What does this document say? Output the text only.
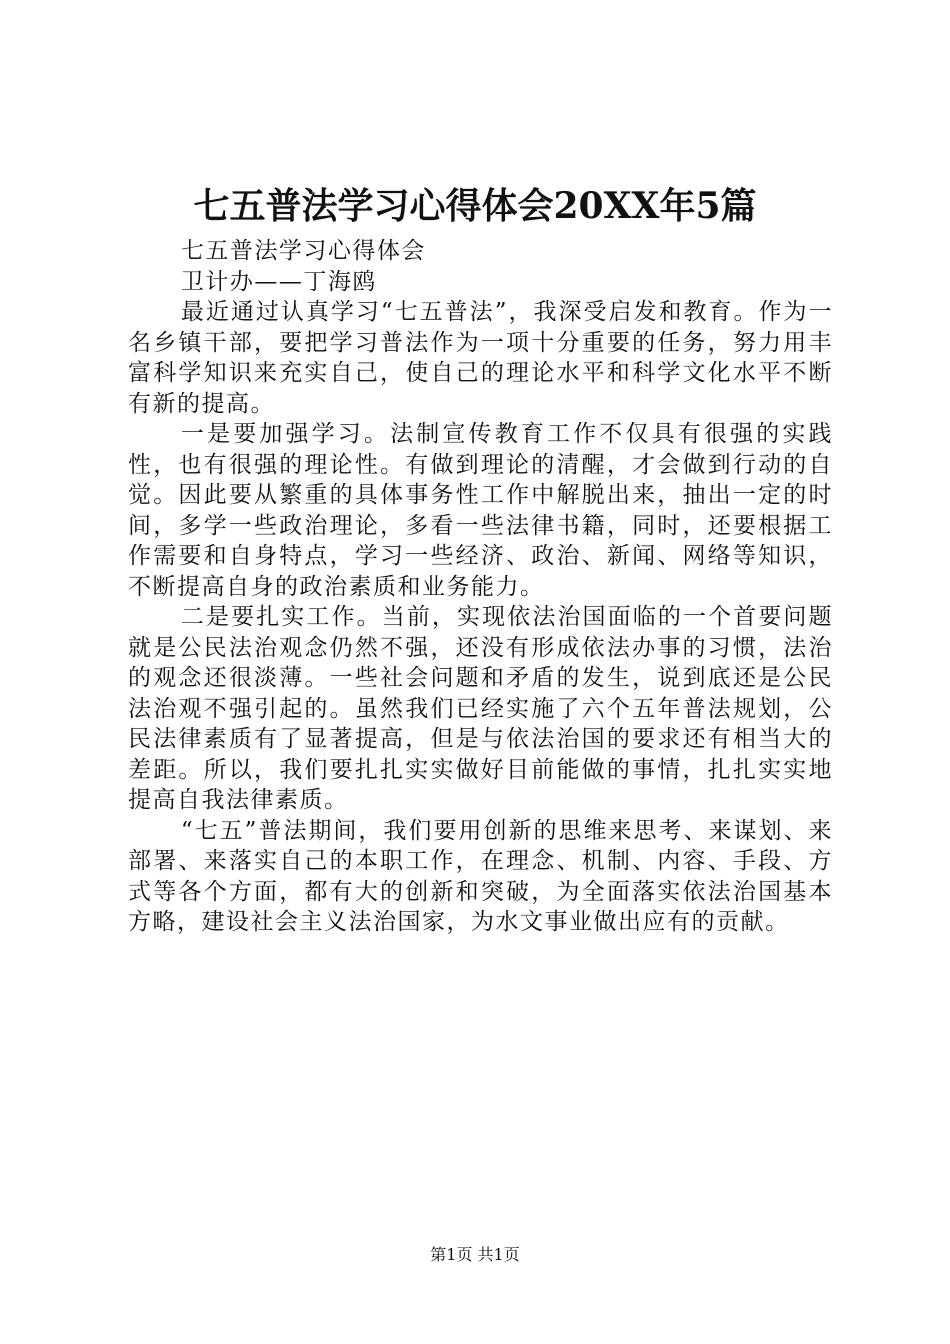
七五普法学习心得体会20XX年5篇

七五普法学习心得体会

卫计办——丁海鸥

最近通过认真学习“七五普法”，我深受启发和教育。作为一名乡镇干部，要把学习普法作为一项十分重要的任务，努力用丰富科学知识来充实自己，使自己的理论水平和科学文化水平不断有新的提高。

一是要加强学习。法制宣传教育工作不仅具有很强的实践性，也有很强的理论性。有做到理论的清醒，才会做到行动的自觉。因此要从繁重的具体事务性工作中解脱出来，抽出一定的时间，多学一些政治理论，多看一些法律书籍，同时，还要根据工作需要和自身特点，学习一些经济、政治、新闻、网络等知识，不断提高自身的政治素质和业务能力。

二是要扎实工作。当前，实现依法治国面临的一个首要问题就是公民法治观念仍然不强，还没有形成依法办事的习惯，法治的观念还很淡薄。一些社会问题和矛盾的发生，说到底还是公民法治观不强引起的。虽然我们已经实施了六个五年普法规划，公民法律素质有了显著提高，但是与依法治国的要求还有相当大的差距。所以，我们要扎扎实实做好目前能做的事情，扎扎实实地提高自我法律素质。

“七五”普法期间，我们要用创新的思维来思考、来谋划、来部署、来落实自己的本职工作，在理念、机制、内容、手段、方式等各个方面，都有大的创新和突破，为全面落实依法治国基本方略，建设社会主义法治国家，为水文事业做出应有的贡献。

第1页 共1页
